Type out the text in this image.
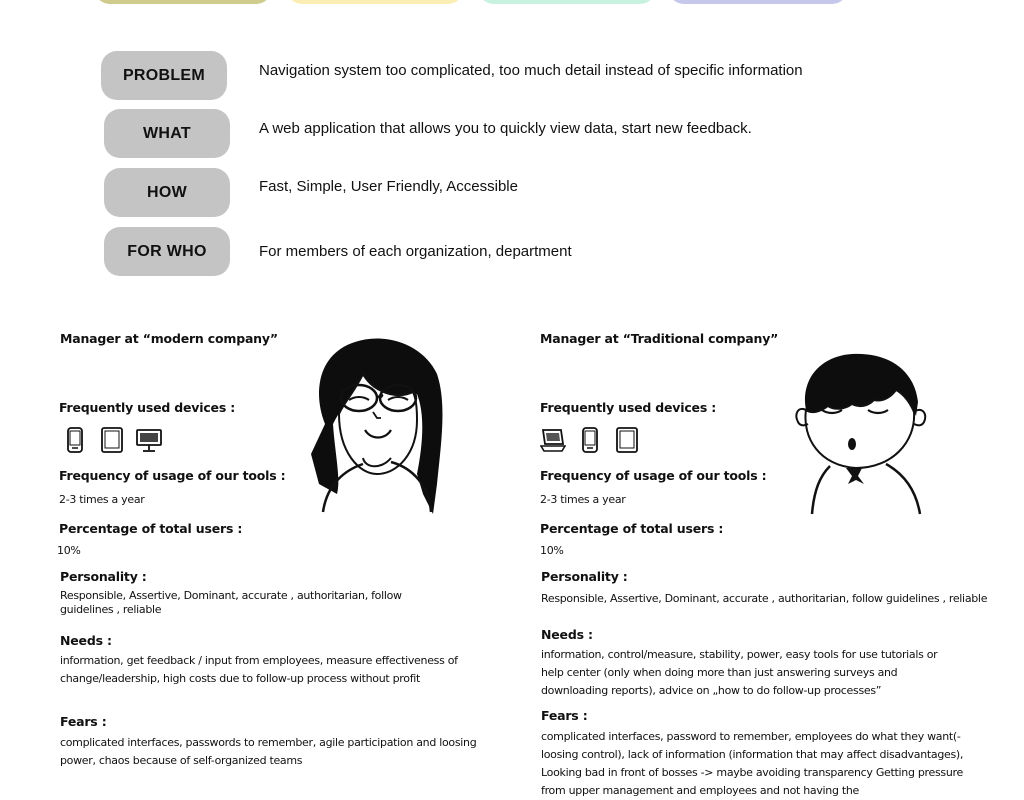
PROBLEM	Navigation system too complicated, too much detail instead of specific information
WHAT	A web application that allows you to quickly view data, start new feedback.
HOW	Fast, Simple, User Friendly, Accessible
FOR WHO	For members of each organization, department
Manager at “modern company”
Frequently used devices :
Frequency of usage of our tools :
2-3 times a year
Percentage of total users :
10%
Personality :
Responsible, Assertive, Dominant, accurate , authoritarian, follow guidelines , reliable
Needs :
information, get feedback / input from employees, measure effectiveness of change/leadership, high costs due to follow-up process without profit
Fears :
complicated interfaces, passwords to remember, agile participation and loosing power, chaos because of self-organized teams
Manager at “Traditional company”
Frequently used devices :
Frequency of usage of our tools :
2-3 times a year
Percentage of total users :
10%
Personality :
Responsible, Assertive, Dominant, accurate , authoritarian, follow guidelines , reliable
Needs :
information, control/measure, stability, power, easy tools for use tutorials or help center (only when doing more than just answering surveys and downloading reports), advice on „how to do follow-up processes”
Fears :
complicated interfaces, password to remember, employees do what they want(-loosing control), lack of information (information that may affect disadvantages), Looking bad in front of bosses -> maybe avoiding transparency Getting pressure from upper management and employees and not having the
